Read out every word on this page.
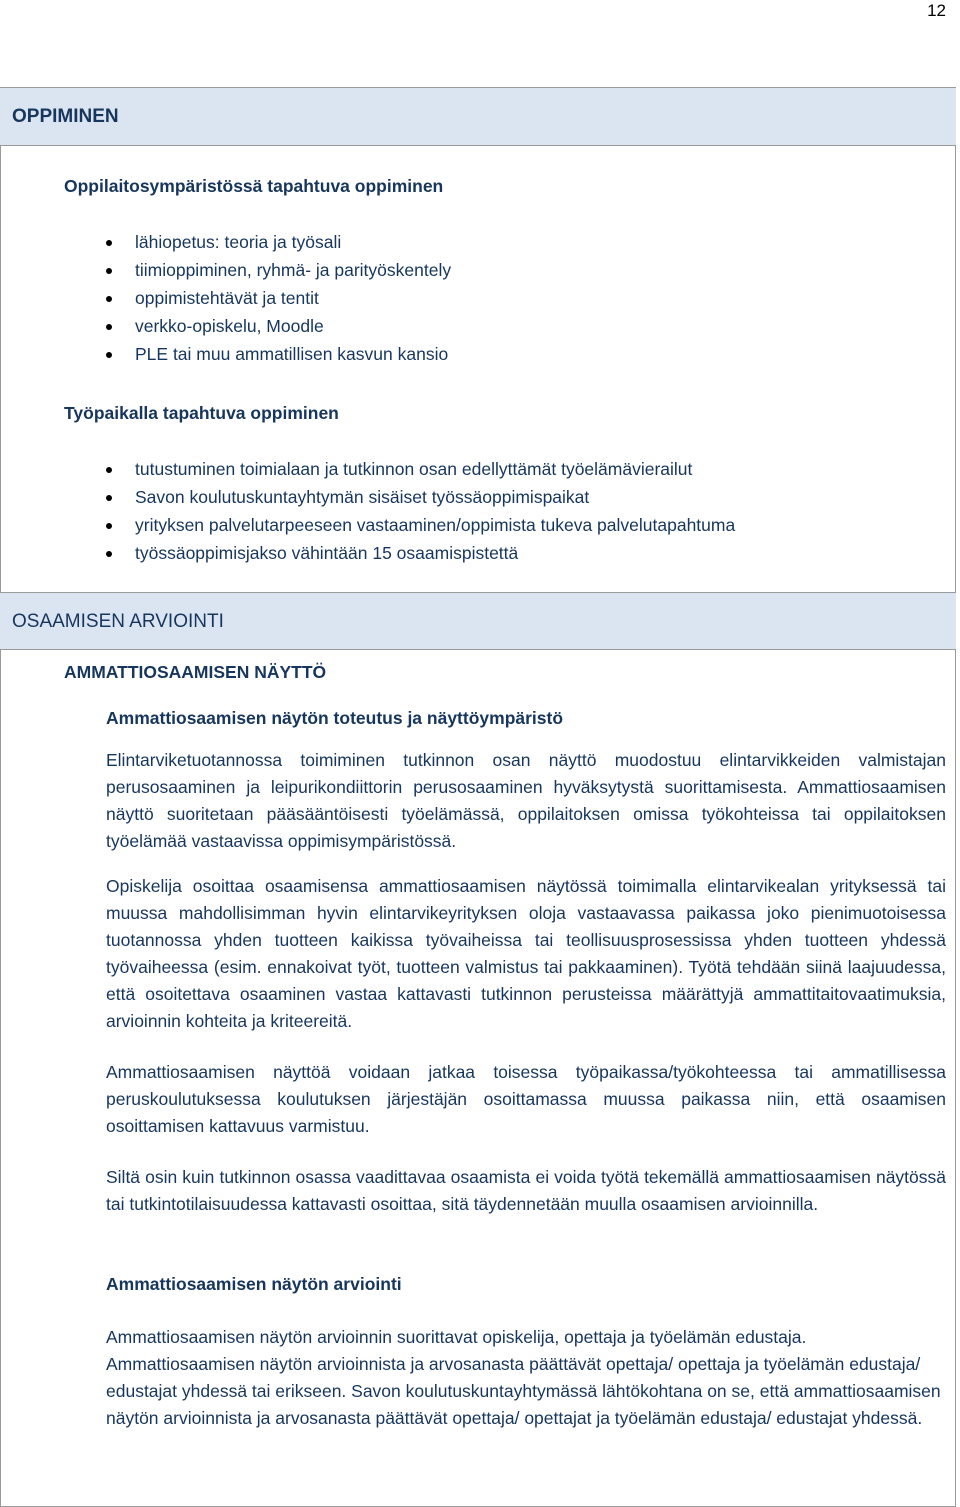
12
OPPIMINEN
Oppilaitosympäristössä tapahtuva oppiminen
lähiopetus: teoria ja työsali
tiimioppiminen, ryhmä- ja parityöskentely
oppimistehtävät ja tentit
verkko-opiskelu, Moodle
PLE tai muu ammatillisen kasvun kansio
Työpaikalla tapahtuva oppiminen
tutustuminen toimialaan ja tutkinnon osan edellyttämät työelämävierailut
Savon koulutuskuntayhtymän sisäiset työssäoppimispaikat
yrityksen palvelutarpeeseen vastaaminen/oppimista tukeva palvelutapahtuma
työssäoppimisjakso vähintään 15 osaamispistettä
OSAAMISEN ARVIOINTI
AMMATTIOSAAMISEN NÄYTTÖ
Ammattiosaamisen näytön toteutus ja näyttöympäristö

Elintarviketuotannossa toimiminen tutkinnon osan näyttö muodostuu elintarvikkeiden valmistajan perusosaaminen ja leipurikondiittorin perusosaaminen hyväksytystä suorittamisesta. Ammattiosaamisen näyttö suoritetaan pääsääntöisesti työelämässä, oppilaitoksen omissa työkohteissa tai oppilaitoksen työelämää vastaavissa oppimisympäristössä.

Opiskelija osoittaa osaamisensa ammattiosaamisen näytössä toimimalla elintarvikealan yrityksessä tai muussa mahdollisimman hyvin elintarvikeyrityksen oloja vastaavassa paikassa joko pienimuotoisessa tuotannossa yhden tuotteen kaikissa työvaiheissa tai teollisuusprosessissa yhden tuotteen yhdessä työvaiheessa (esim. ennakoivat työt, tuotteen valmistus tai pakkaaminen). Työtä tehdään siinä laajuudessa, että osoitettava osaaminen vastaa kattavasti tutkinnon perusteissa määrättyjä ammattitaitovaatimuksia, arvioinnin kohteita ja kriteereitä.

Ammattiosaamisen näyttöä voidaan jatkaa toisessa työpaikassa/työkohteessa tai ammatillisessa peruskoulutuksessa koulutuksen järjestäjän osoittamassa muussa paikassa niin, että osaamisen osoittamisen kattavuus varmistuu.

Siltä osin kuin tutkinnon osassa vaadittavaa osaamista ei voida työtä tekemällä ammattiosaamisen näytössä tai tutkintotilaisuudessa kattavasti osoittaa, sitä täydennetään muulla osaamisen arvioinnilla.

Ammattiosaamisen näytön arviointi

Ammattiosaamisen näytön arvioinnin suorittavat opiskelija, opettaja ja työelämän edustaja. Ammattiosaamisen näytön arvioinnista ja arvosanasta päättävät opettaja/ opettaja ja työelämän edustaja/ edustajat yhdessä tai erikseen. Savon koulutuskuntayhtymässä lähtökohtana on se, että ammattiosaamisen näytön arvioinnista ja arvosanasta päättävät opettaja/ opettajat ja työelämän edustaja/ edustajat yhdessä.
